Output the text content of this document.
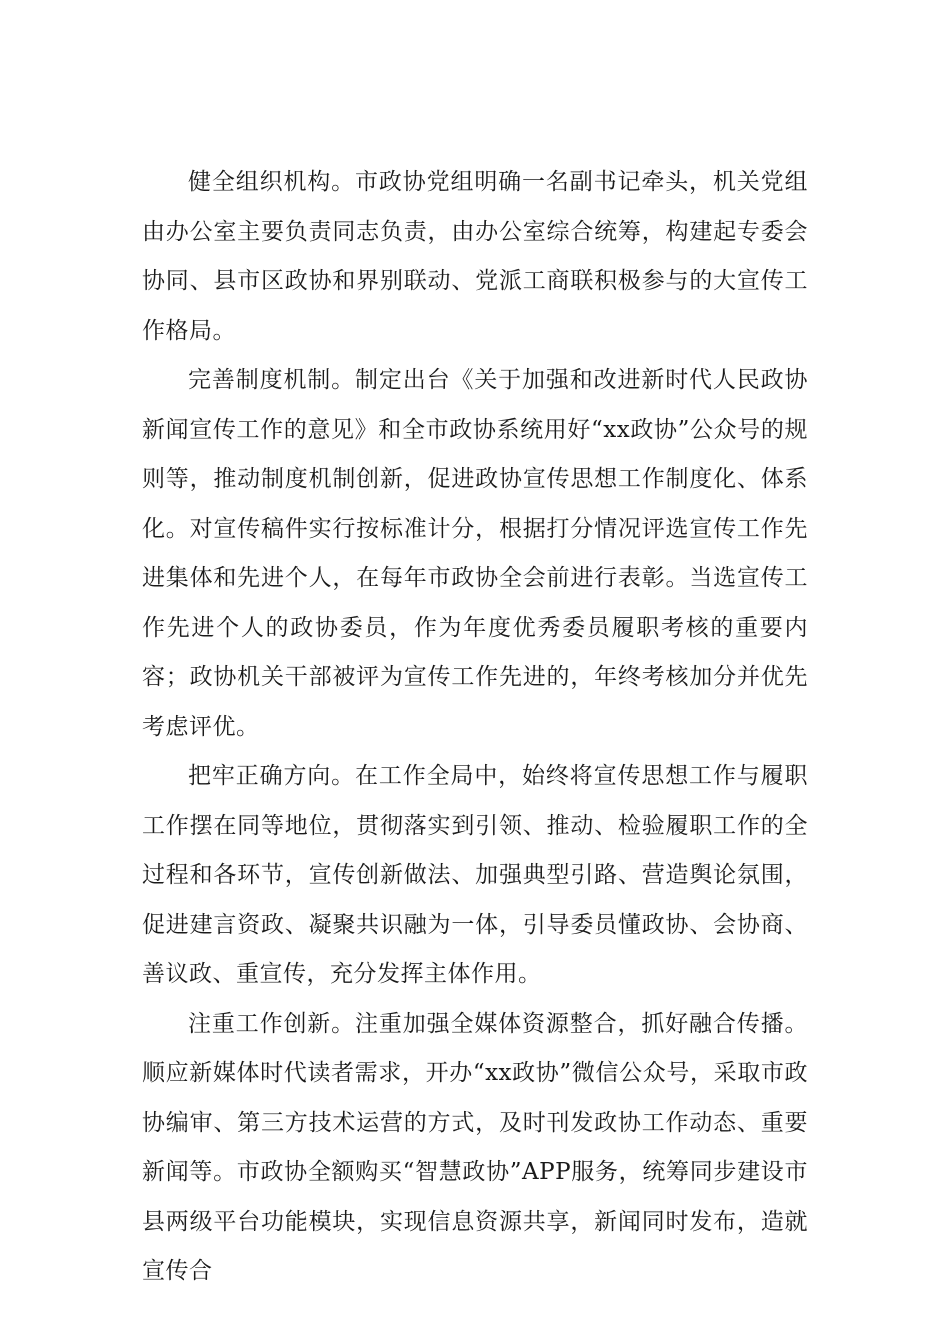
健全组织机构。市政协党组明确一名副书记牵头，机关党组由办公室主要负责同志负责，由办公室综合统筹，构建起专委会协同、县市区政协和界别联动、党派工商联积极参与的大宣传工作格局。

完善制度机制。制定出台《关于加强和改进新时代人民政协新闻宣传工作的意见》和全市政协系统用好“xx政协”公众号的规则等，推动制度机制创新，促进政协宣传思想工作制度化、体系化。对宣传稿件实行按标准计分，根据打分情况评选宣传工作先进集体和先进个人，在每年市政协全会前进行表彰。当选宣传工作先进个人的政协委员，作为年度优秀委员履职考核的重要内容；政协机关干部被评为宣传工作先进的，年终考核加分并优先考虑评优。

把牢正确方向。在工作全局中，始终将宣传思想工作与履职工作摆在同等地位，贯彻落实到引领、推动、检验履职工作的全过程和各环节，宣传创新做法、加强典型引路、营造舆论氛围，促进建言资政、凝聚共识融为一体，引导委员懂政协、会协商、善议政、重宣传，充分发挥主体作用。

注重工作创新。注重加强全媒体资源整合，抓好融合传播。顺应新媒体时代读者需求，开办“xx政协”微信公众号，采取市政协编审、第三方技术运营的方式，及时刊发政协工作动态、重要新闻等。市政协全额购买“智慧政协”APP服务，统筹同步建设市县两级平台功能模块，实现信息资源共享，新闻同时发布，造就宣传合
